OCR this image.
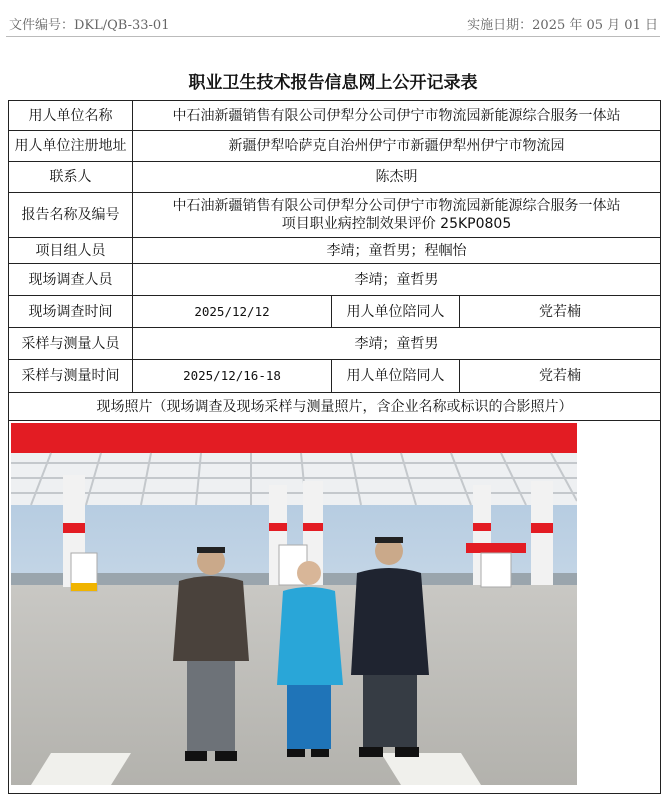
文件编号：DKL/QB-33-01	实施日期：2025 年 05 月 01 日
职业卫生技术报告信息网上公开记录表
用人单位名称	中石油新疆销售有限公司伊犁分公司伊宁市物流园新能源综合服务一体站		
用人单位注册地址	新疆伊犁哈萨克自治州伊宁市新疆伊犁州伊宁市物流园		
联系人	陈杰明		
报告名称及编号	中石油新疆销售有限公司伊犁分公司伊宁市物流园新能源综合服务一体站
项目职业病控制效果评价 25KP0805		

项目组人员	李靖；童哲男；程帼怡		
现场调查人员	李靖；童哲男		
现场调查时间	2025/12/12	用人单位陪同人	党若楠
采样与测量人员	李靖；童哲男		
采样与测量时间	2025/12/16-18	用人单位陪同人	党若楠
现场照片（现场调查及现场采样与测量照片，含企业名称或标识的合影照片）			
